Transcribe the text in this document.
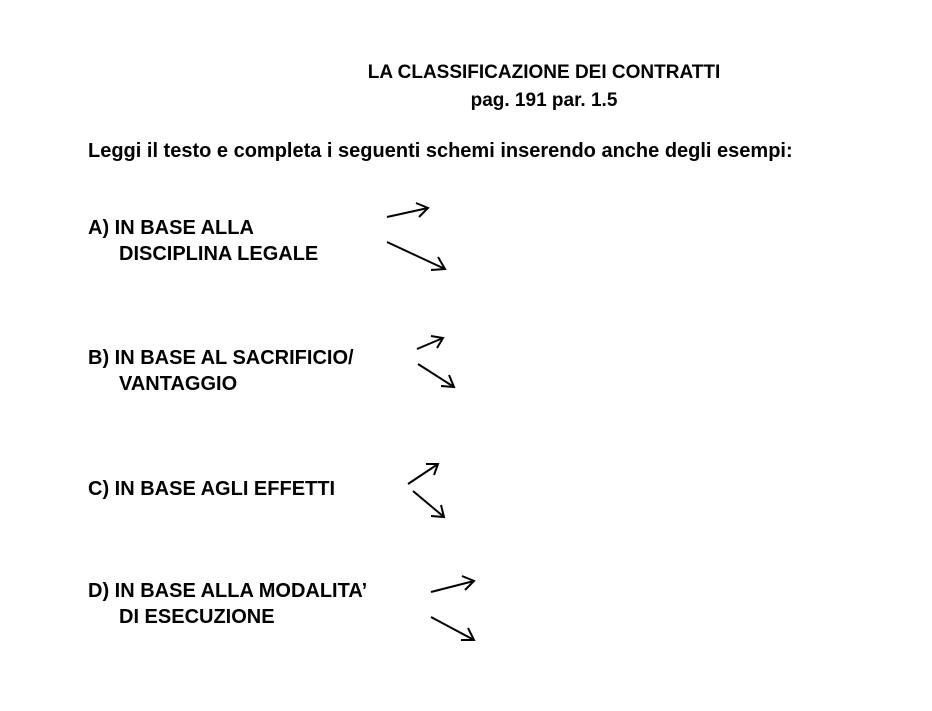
LA CLASSIFICAZIONE DEI CONTRATTI
pag. 191 par. 1.5
Leggi il testo e completa i seguenti schemi inserendo anche degli esempi:
A) IN BASE ALLA
DISCIPLINA LEGALE
B) IN BASE AL SACRIFICIO/
VANTAGGIO
C) IN BASE AGLI EFFETTI
D) IN BASE ALLA MODALITA’
DI ESECUZIONE
